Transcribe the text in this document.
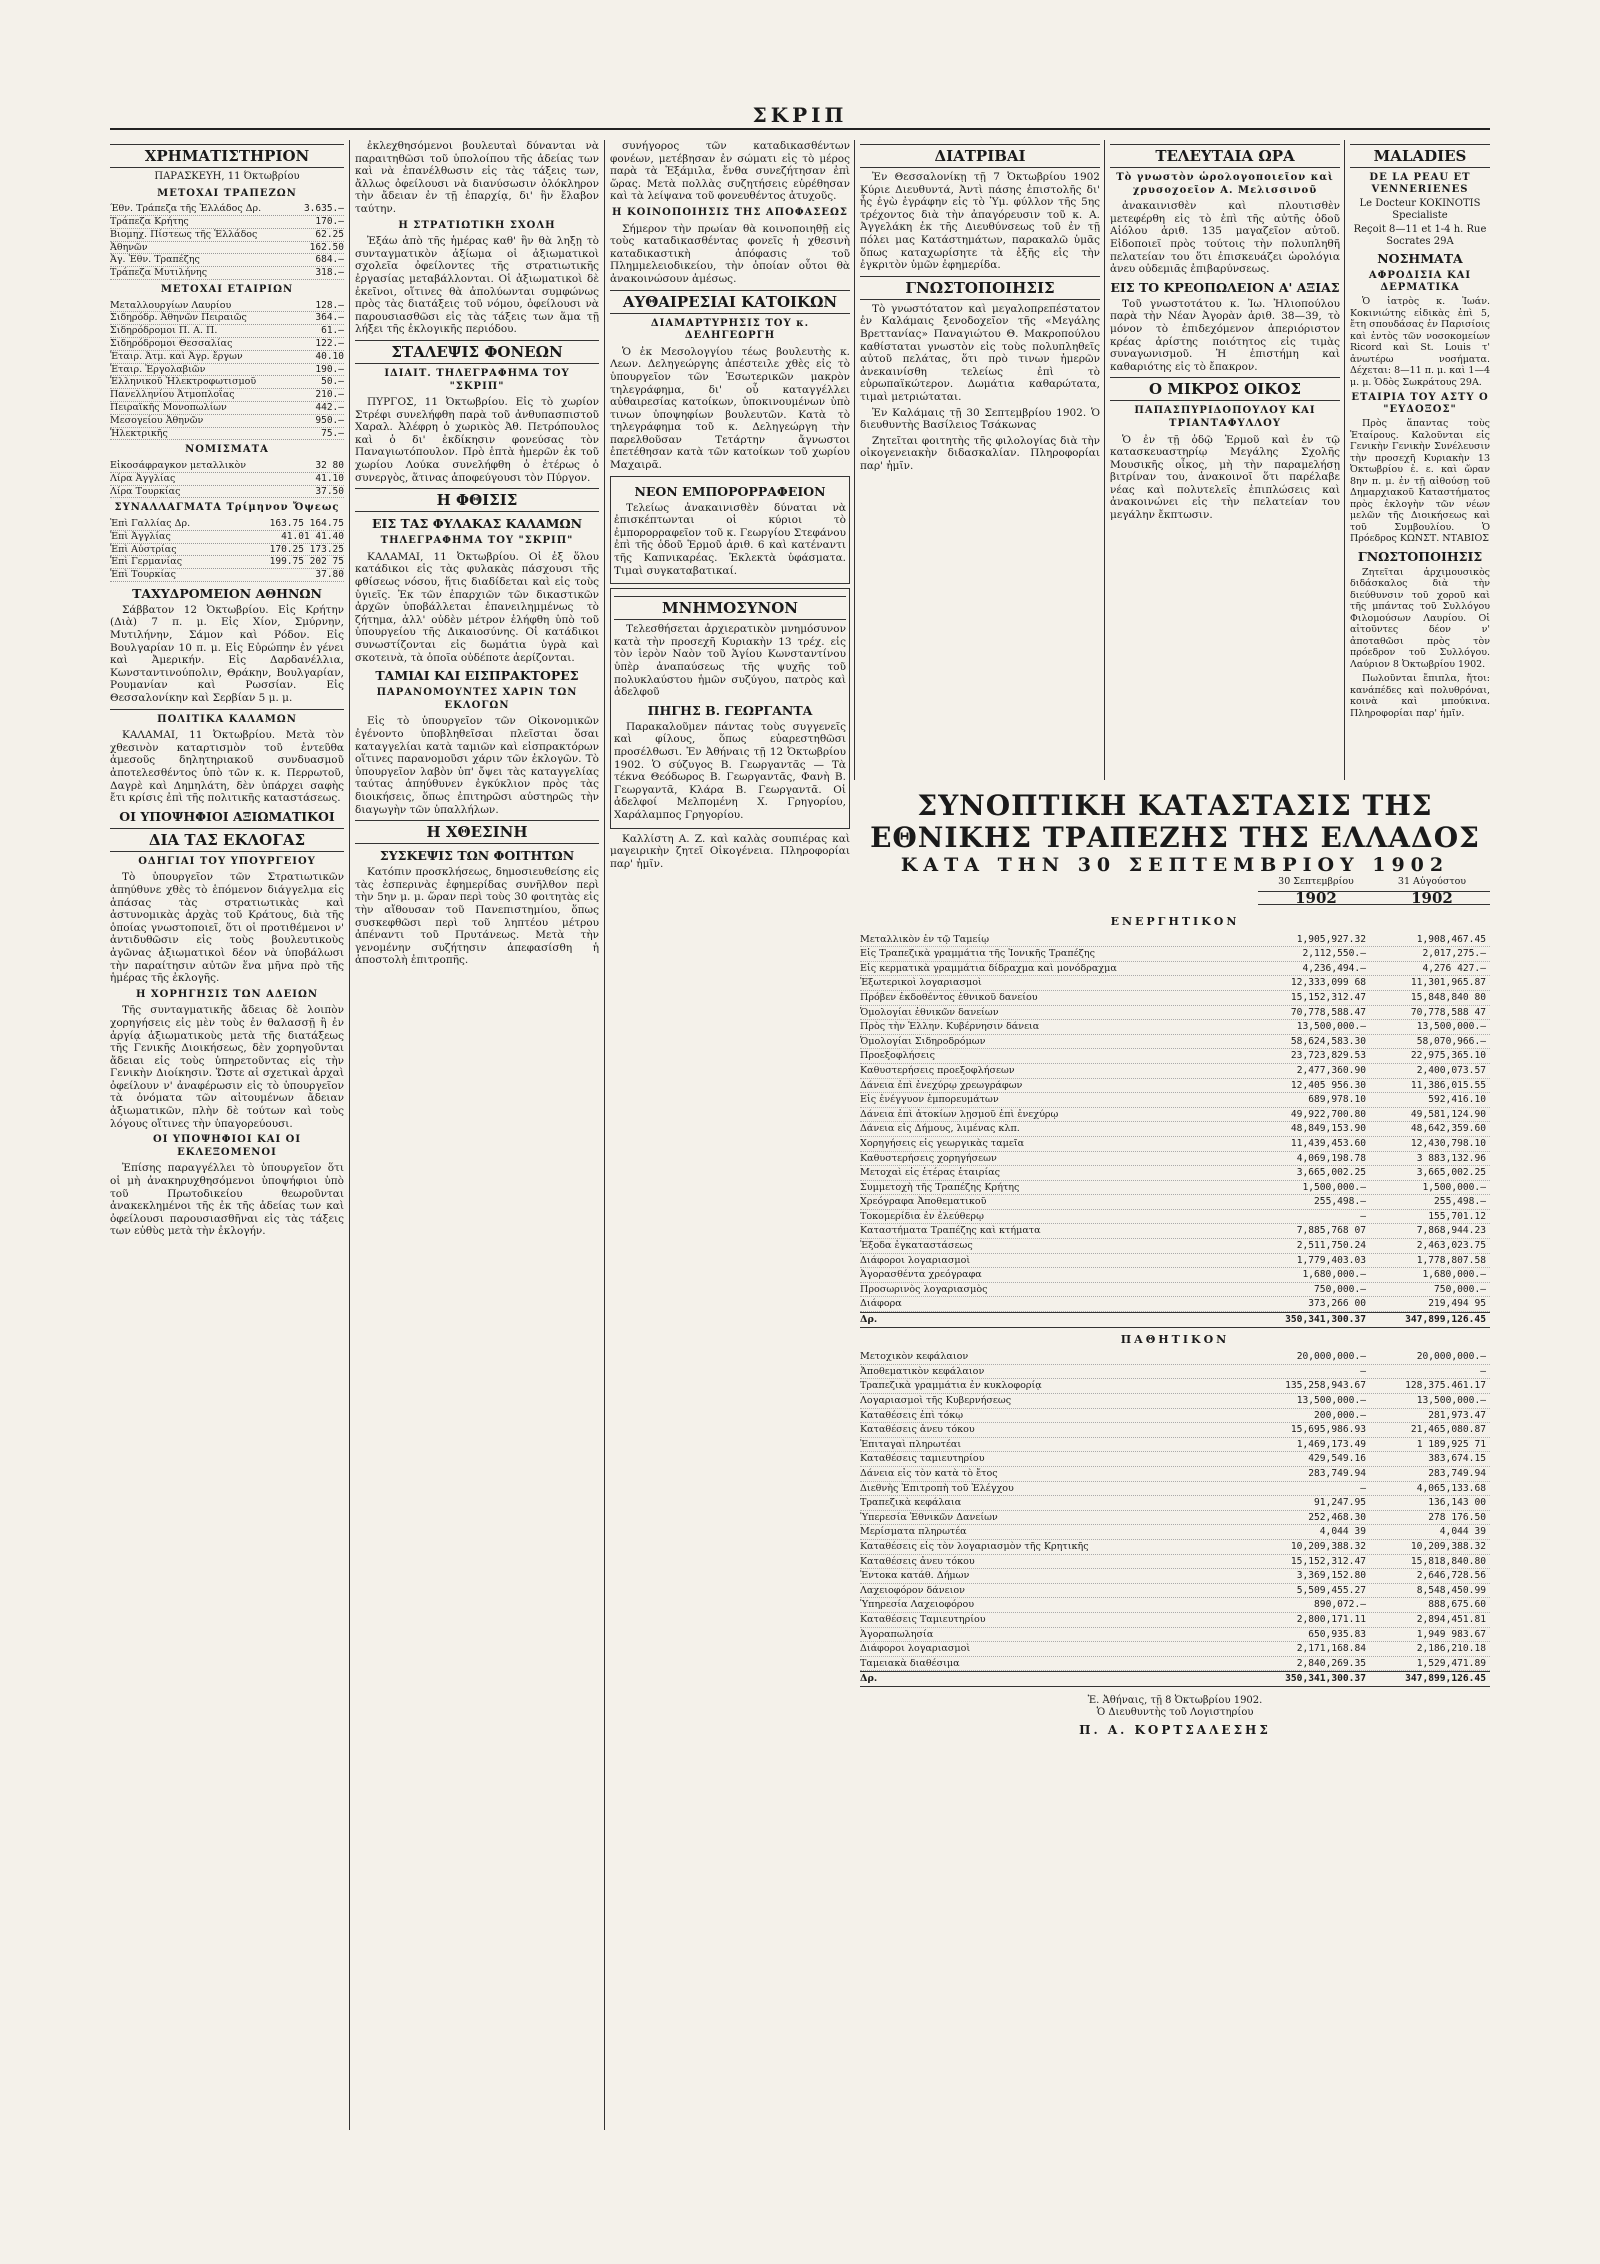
ΣΚΡΙΠ
ΧΡΗΜΑΤΙΣΤΗΡΙΟΝ
ΠΑΡΑΣΚΕΥΗ, 11 Όκτωβρίου
ΜΕΤΟΧΑΙ ΤΡΑΠΕΖΩΝ
Έθν. Τράπεζα τῆς Ἑλλάδος Δρ.	3.635.—
Τράπεζα Κρήτης	170.—
Βιομηχ. Πίστεως τῆς Ἑλλάδος	62.25
Ἀθηνῶν	162.50
Ἀγ. Ἐθν. Τραπέζης	684.—
Τράπεζα Μυτιλήνης	318.—
ΜΕΤΟΧΑΙ ΕΤΑΙΡΙΩΝ
Μεταλλουργίων Λαυρίου	128.—
Σιδηρόδρ. Ἀθηνῶν Πειραιῶς	364.—
Σιδηρόδρομοι Π. Α. Π.	61.—
Σιδηρόδρομοι Θεσσαλίας	122.—
Ἐταιρ. Ἀτμ. καὶ Ἀγρ. ἔργων	40.10
Ἐταιρ. Ἐργολαβιῶν	190.—
Ἑλληνικοῦ Ἠλεκτροφωτισμοῦ	50.—
Πανελληνίου Ἀτμοπλοΐας	210.—
Πειραϊκῆς Μονοπωλίων	442.—
Μεσογείου Ἀθηνῶν	950.—
Ἡλεκτρικῆς	75.—
ΝΟΜΙΣΜΑΤΑ
Εἰκοσάφραγκον μεταλλικὸν	32 80
Λίρα Ἀγγλίας	41.10
Λίρα Τουρκίας	37.50
ΣΥΝΑΛΛΑΓΜΑΤΑ Τρίμηνον Ὄψεως
Ἐπὶ Γαλλίας Δρ.	163.75 164.75
Ἐπὶ Ἀγγλίας	41.01 41.40
Ἐπὶ Αὐστρίας	170.25 173.25
Ἐπὶ Γερμανίας	199.75 202 75
Ἐπὶ Τουρκίας	37.80
ΤΑΧΥΔΡΟΜΕΙΟΝ ΑΘΗΝΩΝ

Σάββατον 12 Ὀκτωβρίου. Εἰς Κρήτην (Διὰ) 7 π. μ. Εἰς Χίον, Σμύρνην, Μυτιλήνην, Σάμον καὶ Ρόδον. Εἰς Βουλγαρίαν 10 π. μ. Εἰς Εὐρώπην ἐν γένει καὶ Ἀμερικήν. Εἰς Δαρδανέλλια, Κωνσταντινούπολιν, Θράκην, Βουλγαρίαν, Ρουμανίαν καὶ Ρωσσίαν. Εἰς Θεσσαλονίκην καὶ Σερβίαν 5 μ. μ.

ΠΟΛΙΤΙΚΑ ΚΑΛΑΜΩΝ

ΚΑΛΑΜΑΙ, 11 Ὀκτωβρίου. Μετὰ τὸν χθεσινὸν καταρτισμὸν τοῦ ἐντεῦθα ἀμεσοῦς δηλητηριακοῦ συνδυασμοῦ ἀποτελεσθέντος ὑπὸ τῶν κ. κ. Περρωτοῦ, Δαγρὲ καὶ Δημηλάτη, δὲν ὑπάρχει σαφὴς ἔτι κρίσις ἐπὶ τῆς πολιτικῆς καταστάσεως.

ΟΙ ΥΠΟΨΗΦΙΟΙ ΑΞΙΩΜΑΤΙΚΟΙ
ΔΙΑ ΤΑΣ ΕΚΛΟΓΑΣ
ΟΔΗΓΙΑΙ ΤΟΥ ΥΠΟΥΡΓΕΙΟΥ

Τὸ ὑπουργεῖον τῶν Στρατιωτικῶν ἀπηύθυνε χθὲς τὸ ἑπόμενον διάγγελμα εἰς ἁπάσας τὰς στρατιωτικὰς καὶ ἀστυνομικὰς ἀρχὰς τοῦ Κράτους, διὰ τῆς ὁποίας γνωστοποιεῖ, ὅτι οἱ προτιθέμενοι ν' ἀντιδυθῶσιν εἰς τοὺς βουλευτικοὺς ἀγῶνας ἀξιωματικοὶ δέον νὰ ὑποβάλωσι τὴν παραίτησιν αὐτῶν ἕνα μῆνα πρὸ τῆς ἡμέρας τῆς ἐκλογῆς.

Η ΧΟΡΗΓΗΣΙΣ ΤΩΝ ΑΔΕΙΩΝ

Τῆς συνταγματικῆς ἄδειας δὲ λοιπὸν χορηγήσεις εἰς μὲν τοὺς ἐν θαλασσῇ ἢ ἐν ἀργίᾳ ἀξιωματικοὺς μετὰ τῆς διατάξεως τῆς Γενικῆς Διοικήσεως, δὲν χορηγοῦνται ἄδειαι εἰς τοὺς ὑπηρετοῦντας εἰς τὴν Γενικὴν Διοίκησιν. Ὥστε αἱ σχετικαὶ ἀρχαὶ ὀφείλουν ν' ἀναφέρωσιν εἰς τὸ ὑπουργεῖον τὰ ὀνόματα τῶν αἰτουμένων ἄδειαν ἀξιωματικῶν, πλὴν δὲ τούτων καὶ τοὺς λόγους οἵτινες τὴν ὑπαγορεύουσι.

ΟΙ ΥΠΟΨΗΦΙΟΙ ΚΑΙ ΟΙ ΕΚΛΕΞΟΜΕΝΟΙ

Ἐπίσης παραγγέλλει τὸ ὑπουργεῖον ὅτι οἱ μὴ ἀνακηρυχθησόμενοι ὑποψήφιοι ὑπὸ τοῦ Πρωτοδικείου θεωροῦνται ἀνακεκλημένοι τῆς ἐκ τῆς ἀδείας των καὶ ὀφείλουσι παρουσιασθῆναι εἰς τὰς τάξεις των εὐθὺς μετὰ τὴν ἐκλογήν.

ἐκλεχθησόμενοι βουλευταὶ δύνανται νὰ παραιτηθῶσι τοῦ ὑπολοίπου τῆς ἀδείας των καὶ νὰ ἐπανέλθωσιν εἰς τὰς τάξεις των, ἄλλως ὀφείλουσι νὰ διανύσωσιν ὁλόκληρον τὴν ἄδειαν ἐν τῇ ἐπαρχίᾳ, δι' ἣν ἔλαβον ταύτην.

Η ΣΤΡΑΤΙΩΤΙΚΗ ΣΧΟΛΗ

Ἐξάω ἀπὸ τῆς ἡμέρας καθ' ἣν θὰ ληξῃ τὸ συνταγματικὸν ἀξίωμα οἱ ἀξιωματικοὶ σχολεῖα ὀφείλοντες τῆς στρατιωτικῆς ἐργασίας μεταβάλλονται. Οἱ ἀξιωματικοὶ δὲ ἐκεῖνοι, οἵτινες θὰ ἀπολύωνται συμφώνως πρὸς τὰς διατάξεις τοῦ νόμου, ὀφείλουσι νὰ παρουσιασθῶσι εἰς τὰς τάξεις των ἅμα τῇ λήξει τῆς ἐκλογικῆς περιόδου.

ΣΤΑΛΕΨΙΣ ΦΟΝΕΩΝ
ΙΔΙΑΙΤ. ΤΗΛΕΓΡΑΦΗΜΑ ΤΟΥ "ΣΚΡΙΠ"

ΠΥΡΓΟΣ, 11 Ὀκτωβρίου. Εἰς τὸ χωρίον Στρέφι συνελήφθη παρὰ τοῦ ἀνθυπασπιστοῦ Χαραλ. Ἀλέφρη ὁ χωρικὸς Ἀθ. Πετρόπουλος καὶ ὁ δι' ἐκδίκησιν φονεύσας τὸν Παναγιωτόπουλον. Πρὸ ἑπτὰ ἡμερῶν ἐκ τοῦ χωρίου Λούκα συνελήφθη ὁ ἐτέρως ὁ συνεργὸς, ἅτινας ἀποφεύγουσι τὸν Πύργον.

Η ΦΘΙΣΙΣ
ΕΙΣ ΤΑΣ ΦΥΛΑΚΑΣ ΚΑΛΑΜΩΝ
ΤΗΛΕΓΡΑΦΗΜΑ ΤΟΥ "ΣΚΡΙΠ"

ΚΑΛΑΜΑΙ, 11 Ὀκτωβρίου. Οἱ ἐξ ὅλου κατάδικοι εἰς τὰς φυλακὰς πάσχουσι τῆς φθίσεως νόσου, ἥτις διαδίδεται καὶ εἰς τοὺς ὑγιεῖς. Ἐκ τῶν ἐπαρχιῶν τῶν δικαστικῶν ἀρχῶν ὑποβάλλεται ἐπανειλημμένως τὸ ζήτημα, ἀλλ' οὐδὲν μέτρον ἐλήφθη ὑπὸ τοῦ ὑπουργείου τῆς Δικαιοσύνης. Οἱ κατάδικοι συνωστίζονται εἰς δωμάτια ὑγρὰ καὶ σκοτεινὰ, τὰ ὁποῖα οὐδέποτε ἀερίζονται.

ΤΑΜΙΑΙ ΚΑΙ ΕΙΣΠΡΑΚΤΟΡΕΣ
ΠΑΡΑΝΟΜΟΥΝΤΕΣ ΧΑΡΙΝ ΤΩΝ ΕΚΛΟΓΩΝ

Εἰς τὸ ὑπουργεῖον τῶν Οἰκονομικῶν ἐγένοντο ὑποβληθεῖσαι πλεῖσται ὅσαι καταγγελίαι κατὰ ταμιῶν καὶ εἰσπρακτόρων οἵτινες παρανομοῦσι χάριν τῶν ἐκλογῶν. Τὸ ὑπουργεῖον λαβὸν ὑπ' ὄψει τὰς καταγγελίας ταύτας ἀπηύθυνεν ἐγκύκλιον πρὸς τὰς διοικήσεις, ὅπως ἐπιτηρῶσι αὐστηρῶς τὴν διαγωγὴν τῶν ὑπαλλήλων.

Η ΧΘΕΣΙΝΗ
ΣΥΣΚΕΨΙΣ ΤΩΝ ΦΟΙΤΗΤΩΝ

Κατόπιν προσκλήσεως, δημοσιευθείσης εἰς τὰς ἐσπερινὰς ἐφημερίδας συνῆλθον περὶ τὴν 5ην μ. μ. ὥραν περὶ τοὺς 30 φοιτητὰς εἰς τὴν αἴθουσαν τοῦ Πανεπιστημίου, ὅπως συσκεφθῶσι περὶ τοῦ ληπτέου μέτρου ἀπέναντι τοῦ Πρυτάνεως. Μετὰ τὴν γενομένην συζήτησιν ἀπεφασίσθη ἡ ἀποστολὴ ἐπιτροπῆς.

συνήγορος τῶν καταδικασθέντων φονέων, μετέβησαν ἐν σώματι εἰς τὸ μέρος παρὰ τὰ Ἑξάμιλα, ἔνθα συνεζήτησαν ἐπὶ ὥρας. Μετὰ πολλὰς συζητήσεις εὑρέθησαν καὶ τὰ λείψανα τοῦ φονευθέντος ἀτυχοῦς.

Η ΚΟΙΝΟΠΟΙΗΣΙΣ ΤΗΣ ΑΠΟΦΑΣΕΩΣ

Σήμερον τὴν πρωίαν θὰ κοινοποιηθῇ εἰς τοὺς καταδικασθέντας φονεῖς ἡ χθεσινὴ καταδικαστικὴ ἀπόφασις τοῦ Πλημμελειοδικείου, τὴν ὁποίαν οὗτοι θὰ ἀνακοινώσουν ἀμέσως.

ΑΥΘΑΙΡΕΣΙΑΙ ΚΑΤΟΙΚΩΝ
ΔΙΑΜΑΡΤΥΡΗΣΙΣ ΤΟΥ κ. ΔΕΛΗΓΕΩΡΓΗ

Ὁ ἐκ Μεσολογγίου τέως βουλευτὴς κ. Λεων. Δεληγεώργης ἀπέστειλε χθὲς εἰς τὸ ὑπουργεῖον τῶν Ἐσωτερικῶν μακρὸν τηλεγράφημα, δι' οὗ καταγγέλλει αὐθαιρεσίας κατοίκων, ὑποκινουμένων ὑπὸ τινων ὑποψηφίων βουλευτῶν. Κατὰ τὸ τηλεγράφημα τοῦ κ. Δεληγεώργη τὴν παρελθοῦσαν Τετάρτην ἄγνωστοι ἐπετέθησαν κατὰ τῶν κατοίκων τοῦ χωρίου Μαχαιρᾶ.

ΝΕΟΝ ΕΜΠΟΡΟΡΡΑΦΕΙΟΝ

Τελείως ἀνακαινισθὲν δύναται νὰ ἐπισκέπτωνται οἱ κύριοι τὸ ἐμπορορραφεῖον τοῦ κ. Γεωργίου Στεφάνου ἐπὶ τῆς ὁδοῦ Ἑρμοῦ ἀριθ. 6 καὶ κατέναντι τῆς Καπνικαρέας. Ἐκλεκτὰ ὑφάσματα. Τιμαὶ συγκαταβατικαί.

ΜΝΗΜΟΣΥΝΟΝ

Τελεσθήσεται ἀρχιερατικὸν μνημόσυνον κατὰ τὴν προσεχῆ Κυριακὴν 13 τρέχ. εἰς τὸν ἱερὸν Ναὸν τοῦ Ἁγίου Κωνσταντίνου ὑπὲρ ἀναπαύσεως τῆς ψυχῆς τοῦ πολυκλαύστου ἡμῶν συζύγου, πατρὸς καὶ ἀδελφοῦ

ΠΗΓΗΣ Β. ΓΕΩΡΓΑΝΤΑ

Παρακαλοῦμεν πάντας τοὺς συγγενεῖς καὶ φίλους, ὅπως εὐαρεστηθῶσι προσέλθωσι. Ἐν Ἀθήναις τῇ 12 Ὀκτωβρίου 1902. Ὁ σύζυγος Β. Γεωργαντᾶς — Τὰ τέκνα Θεόδωρος Β. Γεωργαντᾶς, Φανὴ Β. Γεωργαντᾶ, Κλάρα Β. Γεωργαντᾶ. Οἱ ἀδελφοί Μελπομένη Χ. Γρηγορίου, Χαράλαμπος Γρηγορίου.

Καλλίστη Α. Ζ. καὶ καλὰς σουπιέρας καὶ μαγειρικὴν ζητεῖ Οἰκογένεια. Πληροφορίαι παρ' ἡμῖν.

ΔΙΑΤΡΙΒΑΙ

Ἐν Θεσσαλονίκῃ τῇ 7 Ὀκτωβρίου 1902 Κύριε Διευθυντά, Ἀντὶ πάσης ἐπιστολῆς δι' ἧς ἐγὼ ἐγράφην εἰς τὸ Ὑμ. φύλλον τῆς 5ης τρέχοντος διὰ τὴν ἀπαγόρευσιν τοῦ κ. Α. Ἀγγελάκη ἐκ τῆς Διευθύνσεως τοῦ ἐν τῇ πόλει μας Κατάστημάτων, παρακαλῶ ὑμᾶς ὅπως καταχωρίσητε τὰ ἑξῆς εἰς τὴν ἐγκριτὸν ὑμῶν ἐφημερίδα.

ΓΝΩΣΤΟΠΟΙΗΣΙΣ

Τὸ γνωστότατον καὶ μεγαλοπρεπέστατον ἐν Καλάμαις ξενοδοχεῖον τῆς «Μεγάλης Βρεττανίας» Παναγιώτου Θ. Μακροπούλου καθίσταται γνωστὸν εἰς τοὺς πολυπληθεῖς αὐτοῦ πελάτας, ὅτι πρὸ τινων ἡμερῶν ἀνεκαινίσθη τελείως ἐπὶ τὸ εὐρωπαϊκώτερον. Δωμάτια καθαρώτατα, τιμαὶ μετριώταται.

Ἐν Καλάμαις τῇ 30 Σεπτεμβρίου 1902. Ὁ διευθυντὴς Βασίλειος Τσάκωνας

Ζητεῖται φοιτητὴς τῆς φιλολογίας διὰ τὴν οἰκογενειακὴν διδασκαλίαν. Πληροφορίαι παρ' ἡμῖν.

ΤΕΛΕΥΤΑΙΑ ΩΡΑ
Τὸ γνωστὸν ὡρολογοποιεῖον καὶ χρυσοχοεῖον Α. Μελισσινοῦ

ἀνακαινισθὲν καὶ πλουτισθὲν μετεφέρθη εἰς τὸ ἐπὶ τῆς αὐτῆς ὁδοῦ Αἰόλου ἀριθ. 135 μαγαζεῖον αὐτοῦ. Εἰδοποιεῖ πρὸς τούτοις τὴν πολυπληθῆ πελατείαν του ὅτι ἐπισκευάζει ὡρολόγια ἀνευ οὐδεμιᾶς ἐπιβαρύνσεως.

ΕΙΣ ΤΟ ΚΡΕΟΠΩΛΕΙΟΝ Α' ΑΞΙΑΣ

Τοῦ γνωστοτάτου κ. Ἰω. Ἠλιοπούλου παρὰ τὴν Νέαν Ἀγορὰν ἀριθ. 38—39, τὸ μόνον τὸ ἐπιδεχόμενον ἀπεριόριστον κρέας ἀρίστης ποιότητος εἰς τιμὰς συναγωνισμοῦ. Ἡ ἐπιστήμη καὶ καθαριότης εἰς τὸ ἔπακρον.

Ο ΜΙΚΡΟΣ ΟΙΚΟΣ
ΠΑΠΑΣΠΥΡΙΔΟΠΟΥΛΟΥ ΚΑΙ ΤΡΙΑΝΤΑΦΥΛΛΟΥ

Ὁ ἐν τῇ ὁδῷ Ἑρμοῦ καὶ ἐν τῷ κατασκευαστηρίῳ Μεγάλης Σχολῆς Μουσικῆς οἶκος, μὴ τὴν παραμελήσῃ βιτρίναν του, ἀνακοινοῖ ὅτι παρέλαβε νέας καὶ πολυτελεῖς ἐπιπλώσεις καὶ ἀνακοινώνει εἰς τὴν πελατείαν του μεγάλην ἔκπτωσιν.

MALADIES
DE LA PEAU ET VENNERIENES
Le Docteur KOKINOTIS Specialiste
Reçoit 8—11 et 1-4 h. Rue Socrates 29A
ΝΟΣΗΜΑΤΑ
ΑΦΡΟΔΙΣΙΑ ΚΑΙ ΔΕΡΜΑΤΙΚΑ

Ὁ ἰατρὸς κ. Ἰωάν. Κοκινιώτης εἰδικὰς ἐπὶ 5, ἔτη σπουδάσας ἐν Παρισίοις καὶ ἐντὸς τῶν νοσοκομείων Ricord καὶ St. Louis τ' ἀνωτέρω νοσήματα. Δέχεται: 8—11 π. μ. καὶ 1—4 μ. μ. Ὁδὸς Σωκράτους 29Α.

ΕΤΑΙΡΙΑ ΤΟΥ ΑΣΤΥ Ο "ΕΥΔΟΞΟΣ"

Πρὸς ἅπαντας τοὺς Ἑταίρους. Καλοῦνται εἰς Γενικὴν Γενικὴν Συνέλευσιν τὴν προσεχῆ Κυριακὴν 13 Ὀκτωβρίου ἐ. ε. καὶ ὥραν 8ην π. μ. ἐν τῇ αἰθούσῃ τοῦ Δημαρχιακοῦ Καταστήματος πρὸς ἐκλογὴν τῶν νέων μελῶν τῆς Διοικήσεως καὶ τοῦ Συμβουλίου. Ὁ Πρόεδρος ΚΩΝΣΤ. ΝΤΑΒΙΟΣ

ΓΝΩΣΤΟΠΟΙΗΣΙΣ

Ζητεῖται ἀρχιμουσικὸς διδάσκαλος διὰ τὴν διεύθυνσιν τοῦ χοροῦ καὶ τῆς μπάντας τοῦ Συλλόγου Φιλομούσων Λαυρίου. Οἱ αἰτοῦντες δέον ν' ἀποταθῶσι πρὸς τὸν πρόεδρον τοῦ Συλλόγου. Λαύριον 8 Ὀκτωβρίου 1902.

Πωλοῦνται ἔπιπλα, ἤτοι: κανάπέδες καὶ πολυθρόναι, κοινὰ καὶ μπούκινα. Πληροφορίαι παρ' ἡμῖν.

ΣΥΝΟΠΤΙΚΗ ΚΑΤΑΣΤΑΣΙΣ ΤΗΣ ΕΘΝΙΚΗΣ ΤΡΑΠΕΖΗΣ ΤΗΣ ΕΛΛΑΔΟΣ
ΚΑΤΑ ΤΗΝ 30 ΣΕΠΤΕΜΒΡΙΟΥ 1902
30 Σεπτεμβρίου
1902
31 Αὐγούστου
1902
ΕΝΕΡΓΗΤΙΚΟΝ
Μεταλλικὸν ἐν τῷ Ταμείῳ	1,905,927.32	1,908,467.45
Εἰς Τραπεζικὰ γραμμάτια τῆς Ἰονικῆς Τραπέζης	2,112,550.—	2,017,275.—
Εἰς κερματικὰ γραμμάτια δίδραχμα καὶ μονόδραχμα	4,236,494.—	4,276 427.—
Ἐξωτερικοὶ λογαριασμοὶ	12,333,099 68	11,301,965.87
Πρόβεν ἐκδοθέντος ἐθνικοῦ δανείου	15,152,312.47	15,848,840 80
Ὁμολογίαι ἐθνικῶν δανείων	70,778,588.47	70,778,588 47
Πρὸς τὴν Ἑλλην. Κυβέρνησιν δάνεια	13,500,000.—	13,500,000.—
Ὁμολογίαι Σιδηροδρόμων	58,624,583.30	58,070,966.—
Προεξοφλήσεις	23,723,829.53	22,975,365.10
Καθυστερήσεις προεξοφλήσεων	2,477,360.90	2,400,073.57
Δάνεια ἐπὶ ἐνεχύρῳ χρεωγράφων	12,405 956.30	11,386,015.55
Εἰς ἐνέγγυον ἐμπορευμάτων	689,978.10	592,416.10
Δάνεια ἐπὶ ἀτοκίων λῃσμοῦ ἐπὶ ἐνεχύρῳ	49,922,700.80	49,581,124.90
Δάνεια εἰς Δήμους, λιμένας κλπ.	48,849,153.90	48,642,359.60
Χορηγήσεις εἰς γεωργικὰς ταμεῖα	11,439,453.60	12,430,798.10
Καθυστερήσεις χορηγήσεων	4,069,198.78	3 883,132.96
Μετοχαὶ εἰς ἑτέρας ἑταιρίας	3,665,002.25	3,665,002.25
Συμμετοχὴ τῆς Τραπέζης Κρήτης	1,500,000.—	1,500,000.—
Χρεόγραφα Ἀποθεματικοῦ	255,498.—	255,498.—
Τοκομερίδια ἐν ἐλεύθερῳ	—	155,701.12
Καταστήματα Τραπέζης καὶ κτήματα	7,885,768 07	7,868,944.23
Ἐξοδα ἐγκαταστάσεως	2,511,750.24	2,463,023.75
Διάφοροι λογαριασμοὶ	1,779,403.03	1,778,807.58
Ἀγορασθέντα χρεόγραφα	1,680,000.—	1,680,000.—
Προσωρινὸς λογαριασμὸς	750,000.—	750,000.—
Διάφορα	373,266 00	219,494 95
Δρ.	350,341,300.37	347,899,126.45
ΠΑΘΗΤΙΚΟΝ
Μετοχικὸν κεφάλαιον	20,000,000.—	20,000,000.—
Ἀποθεματικὸν κεφάλαιον	—	—
Τραπεζικὰ γραμμάτια ἐν κυκλοφορίᾳ	135,258,943.67	128,375.461.17
Λογαριασμοὶ τῆς Κυβερνήσεως	13,500,000.—	13,500,000.—
Καταθέσεις ἐπὶ τόκῳ	200,000.—	281,973.47
Καταθέσεις ἀνευ τόκου	15,695,986.93	21,465,080.87
Ἐπιταγαὶ πληρωτέαι	1,469,173.49	1 189,925 71
Καταθέσεις ταμιευτηρίου	429,549.16	383,674.15
Δάνεια εἰς τὸν κατὰ τὸ ἔτος	283,749.94	283,749.94
Διεθνὴς Ἐπιτροπὴ τοῦ Ἐλέγχου	—	4,065,133.68
Τραπεζικὰ κεφάλαια	91,247.95	136,143 00
Ὑπερεσία Ἐθνικῶν Δανείων	252,468.30	278 176.50
Μερίσματα πληρωτέα	4,044 39	4,044 39
Καταθέσεις εἰς τὸν λογαριασμὸν τῆς Κρητικῆς	10,209,388.32	10,209,388.32
Καταθέσεις ἀνευ τόκου	15,152,312.47	15,818,840.80
Ἐντοκα κατάθ. Δήμων	3,369,152.80	2,646,728.56
Λαχειοφόρον δάνειον	5,509,455.27	8,548,450.99
Ὑπηρεσία Λαχειοφόρου	890,072.—	888,675.60
Καταθέσεις Ταμιευτηρίου	2,800,171.11	2,894,451.81
Ἀγοραπωλησία	650,935.83	1,949 983.67
Διάφοροι λογαριασμοὶ	2,171,168.84	2,186,210.18
Ταμειακὰ διαθέσιμα	2,840,269.35	1,529,471.89
Δρ.	350,341,300.37	347,899,126.45
Ἐ. Ἀθήναις, τῇ 8 Ὀκτωβρίου 1902.
Ὁ Διευθυντὴς τοῦ Λογιστηρίου
Π. Α. ΚΟΡΤΣΑΛΕΣΗΣ
